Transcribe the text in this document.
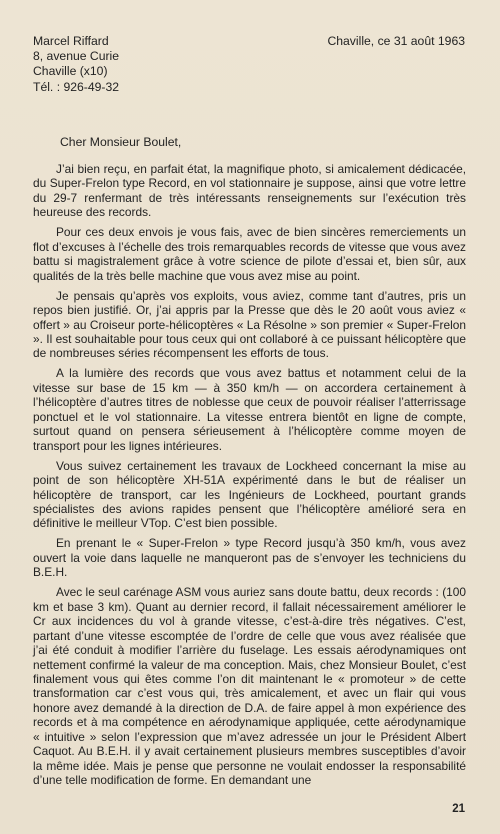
Marcel Riffard
8, avenue Curie
Chaville (x10)
Tél. : 926-49-32
Chaville, ce 31 août 1963
Cher Monsieur Boulet,

J’ai bien reçu, en parfait état, la magnifique photo, si amicalement dédicacée, du Super-Frelon type Record, en vol stationnaire je suppose, ainsi que votre lettre du 29-7 renfermant de très intéressants renseignements sur l’exécution très heureuse des records.

Pour ces deux envois je vous fais, avec de bien sincères remerciements un flot d’excuses à l’échelle des trois remarquables records de vitesse que vous avez battu si magistralement grâce à votre science de pilote d’essai et, bien sûr, aux qualités de la très belle machine que vous avez mise au point.

Je pensais qu’après vos exploits, vous aviez, comme tant d’autres, pris un repos bien justifié. Or, j’ai appris par la Presse que dès le 20 août vous aviez « offert » au Croiseur porte-hélicoptères « La Résolne » son premier « Super-Frelon ». Il est souhaitable pour tous ceux qui ont collaboré à ce puissant hélicoptère que de nombreuses séries récompensent les efforts de tous.

A la lumière des records que vous avez battus et notamment celui de la vitesse sur base de 15 km — à 350 km/h — on accordera certainement à l’hélicoptère d’autres titres de noblesse que ceux de pouvoir réaliser l’atterrissage ponctuel et le vol stationnaire. La vitesse entrera bientôt en ligne de compte, surtout quand on pensera sérieusement à l’hélicoptère comme moyen de transport pour les lignes intérieures.

Vous suivez certainement les travaux de Lockheed concernant la mise au point de son hélicoptère XH-51A expérimenté dans le but de réaliser un hélicoptère de transport, car les Ingénieurs de Lockheed, pourtant grands spécialistes des avions rapides pensent que l’hélicoptère amélioré sera en définitive le meilleur VTop. C’est bien possible.

En prenant le « Super-Frelon » type Record jusqu’à 350 km/h, vous avez ouvert la voie dans laquelle ne manqueront pas de s’envoyer les techniciens du B.E.H.

Avec le seul carénage ASM vous auriez sans doute battu, deux records : (100 km et base 3 km). Quant au dernier record, il fallait nécessairement améliorer le Cr aux incidences du vol à grande vitesse, c’est-à-dire très négatives. C’est, partant d’une vitesse escomptée de l’ordre de celle que vous avez réalisée que j’ai été conduit à modifier l’arrière du fuselage. Les essais aérodynamiques ont nettement confirmé la valeur de ma conception. Mais, chez Monsieur Boulet, c’est finalement vous qui êtes comme l’on dit maintenant le « promoteur » de cette transformation car c’est vous qui, très amicalement, et avec un flair qui vous honore avez demandé à la direction de D.A. de faire appel à mon expérience des records et à ma compétence en aérodynamique appliquée, cette aérodynamique « intuitive » selon l’expression que m’avez adressée un jour le Président Albert Caquot. Au B.E.H. il y avait certainement plusieurs membres susceptibles d’avoir la même idée. Mais je pense que personne ne voulait endosser la responsabilité d’une telle modification de forme. En demandant une

21
